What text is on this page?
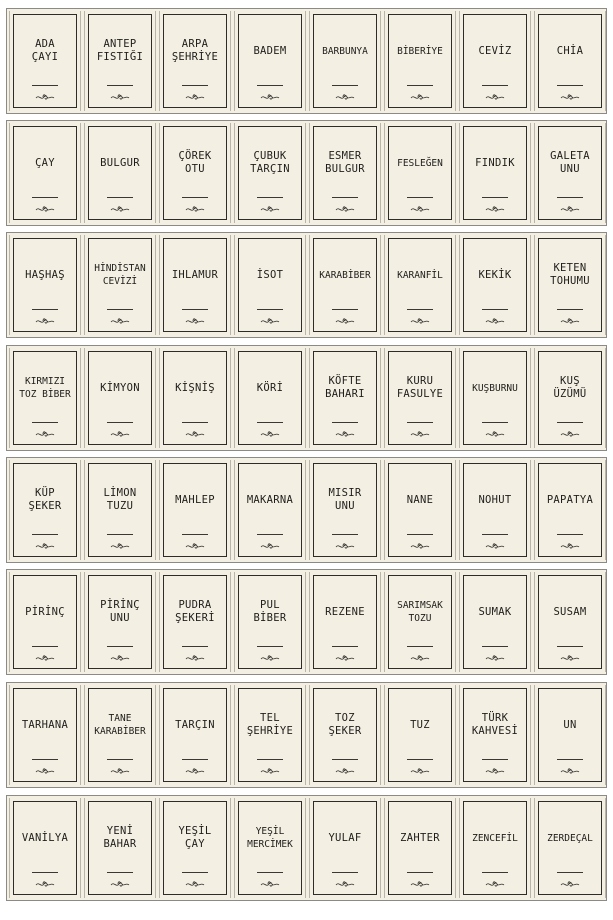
ADA
ÇAYI
ANTEP
FISTIĞI
ARPA
ŞEHRİYE
BADEM	BARBUNYA	BİBERİYE	CEVİZ	CHİA
ÇAY	BULGUR
ÇÖREK
OTU
ÇUBUK
TARÇIN
ESMER
BULGUR	FESLEĞEN	FINDIK
GALETA
UNU
HAŞHAŞ	HİNDİSTAN
CEVİZİ
IHLAMUR	İSOT	KARABİBER	KARANFİL	KEKİK
KETEN
TOHUMU
KIRMIZI
TOZ BİBER
KİMYON	KİŞNİŞ	KÖRİ
KÖFTE
BAHARI
KURU
FASULYE	KUŞBURNU
KUŞ
ÜZÜMÜ
KÜP
ŞEKER
LİMON
TUZU
MAHLEP	MAKARNA
MISIR
UNU
NANE	NOHUT	PAPATYA
PİRİNÇ
PİRİNÇ
UNU
PUDRA
ŞEKERİ
PUL
BİBER
REZENE	SARIMSAK
TOZU
SUMAK	SUSAM
TARHANA	TANE
KARABİBER
TARÇIN
TEL
ŞEHRİYE
TOZ
ŞEKER
TUZ
TÜRK
KAHVESİ
UN
VANİLYA
YENİ
BAHAR
YEŞİL
ÇAY
YEŞİL
MERCİMEK
YULAF	ZAHTER	ZENCEFİL	ZERDEÇAL
